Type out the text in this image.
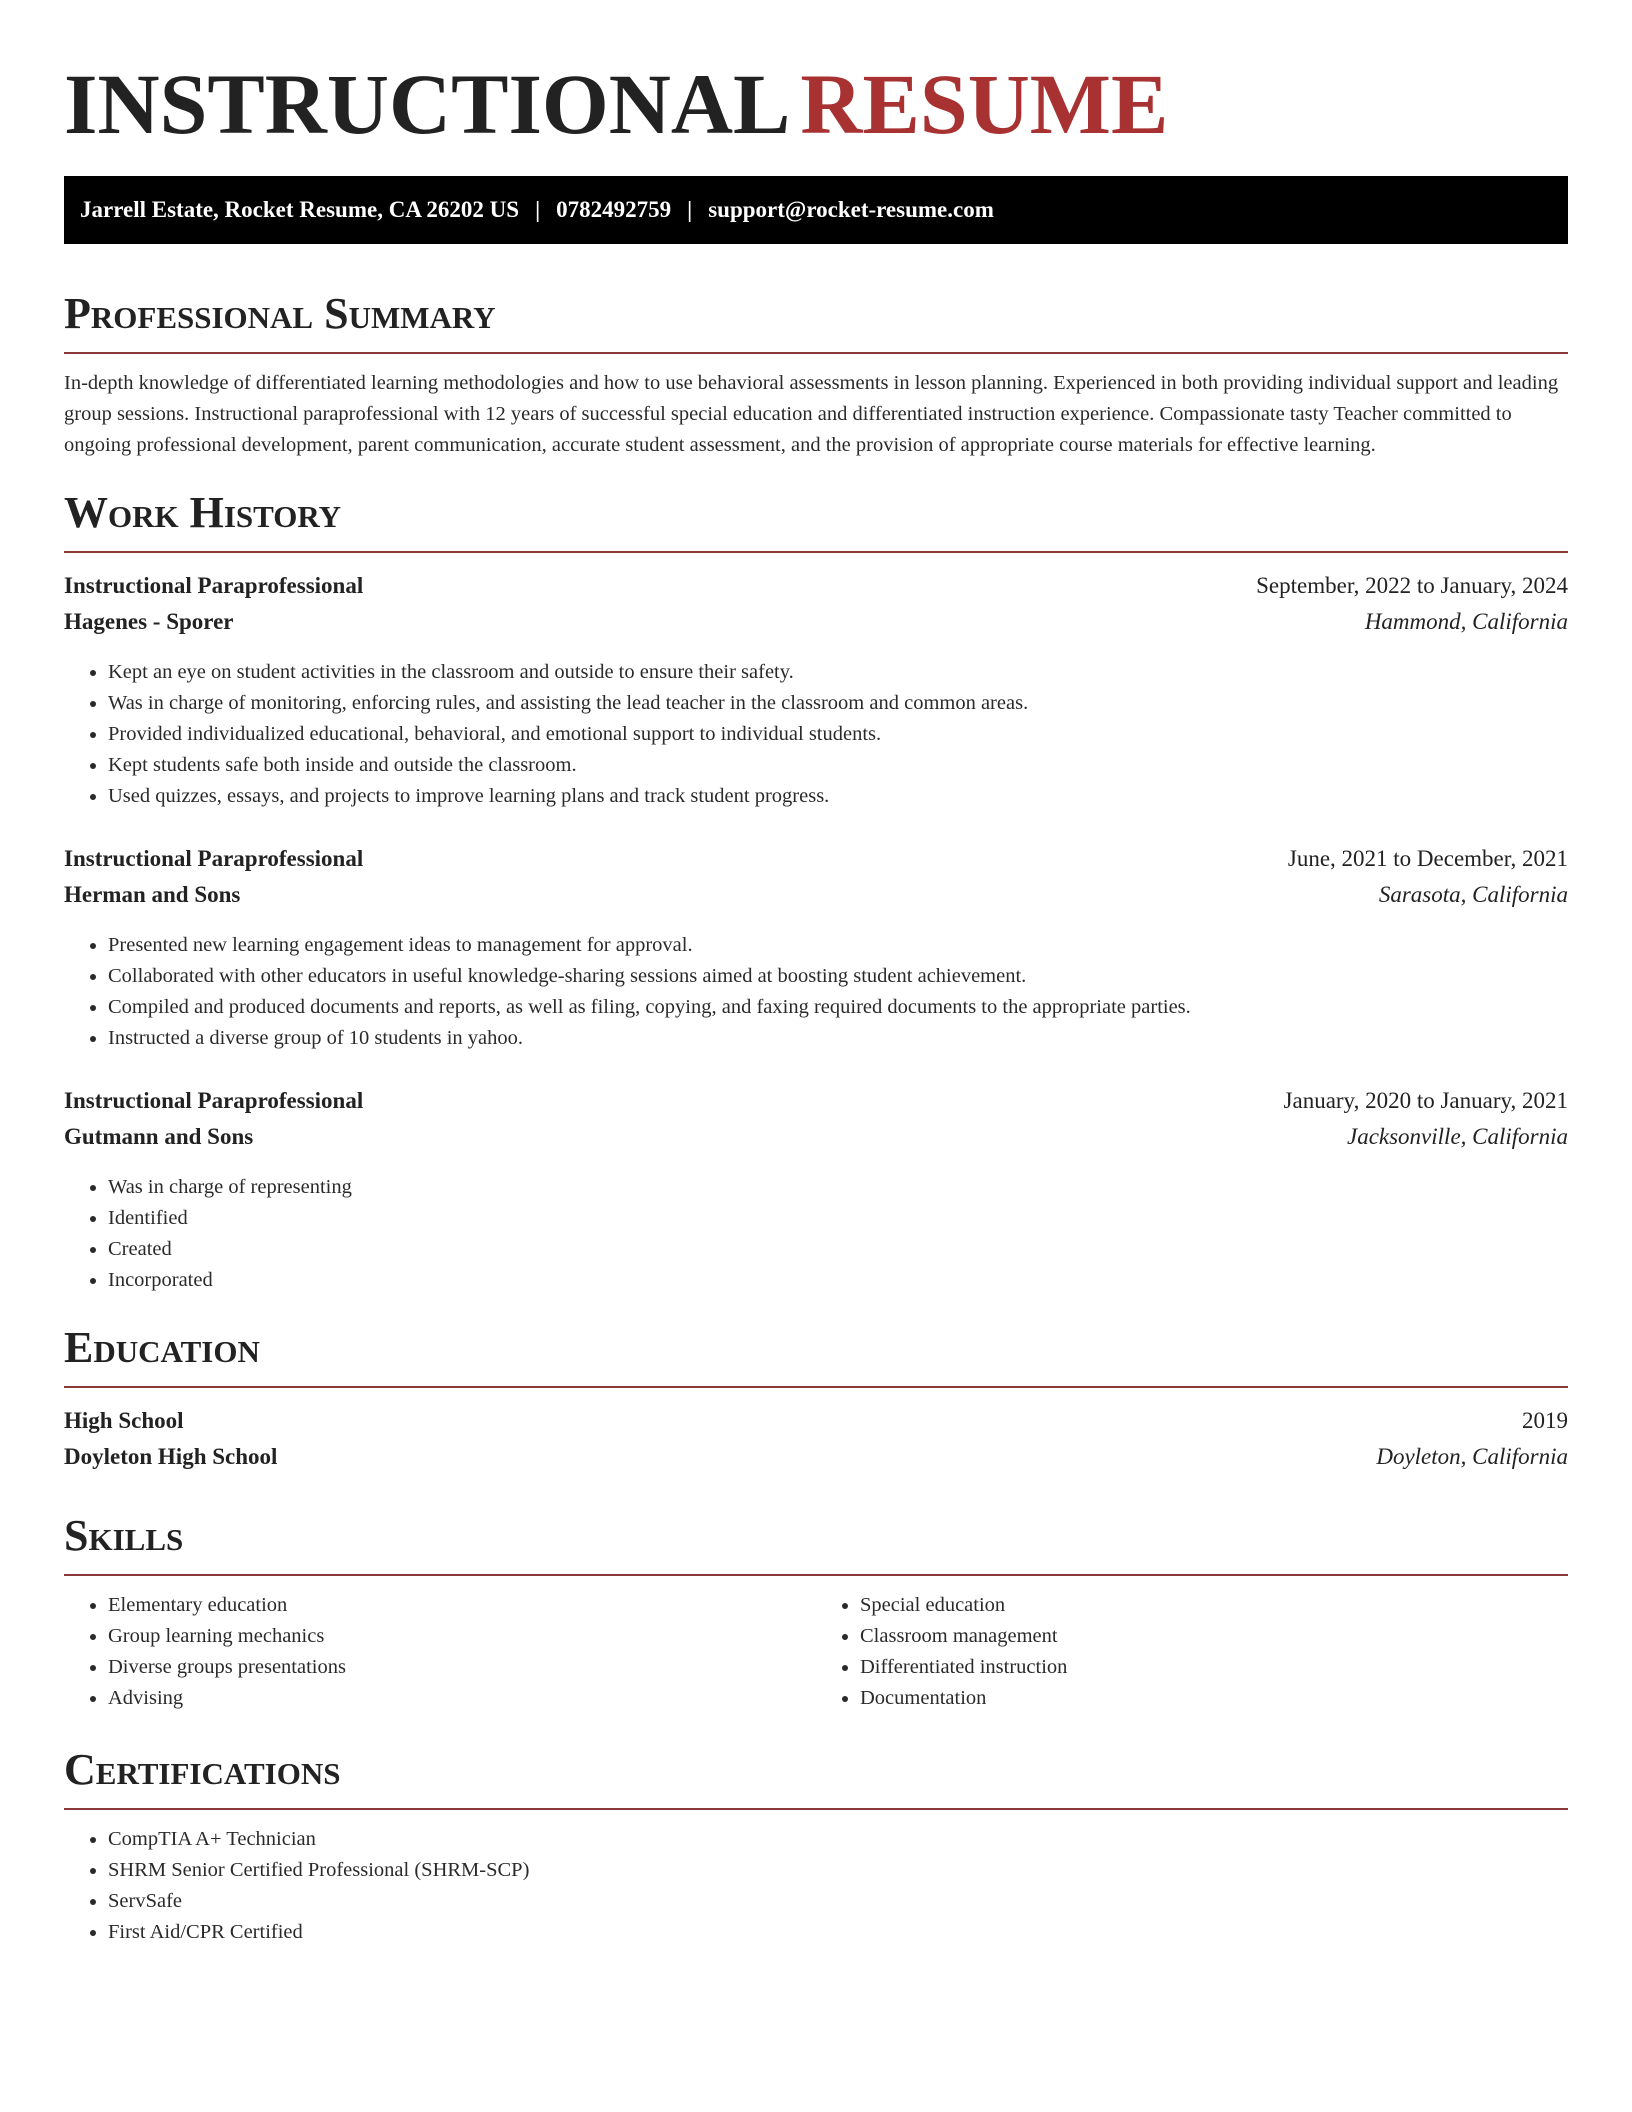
INSTRUCTIONAL RESUME
Jarrell Estate, Rocket Resume, CA 26202 US | 0782492759 | support@rocket-resume.com
Professional Summary

In-depth knowledge of differentiated learning methodologies and how to use behavioral assessments in lesson planning. Experienced in both providing individual support and leading group sessions. Instructional paraprofessional with 12 years of successful special education and differentiated instruction experience. Compassionate tasty Teacher committed to ongoing professional development, parent communication, accurate student assessment, and the provision of appropriate course materials for effective learning.

Work History
Instructional Paraprofessional	September, 2022 to January, 2024
Hagenes - Sporer	Hammond, California
• Kept an eye on student activities in the classroom and outside to ensure their safety.
• Was in charge of monitoring, enforcing rules, and assisting the lead teacher in the classroom and common areas.
• Provided individualized educational, behavioral, and emotional support to individual students.
• Kept students safe both inside and outside the classroom.
• Used quizzes, essays, and projects to improve learning plans and track student progress.
Instructional Paraprofessional	June, 2021 to December, 2021
Herman and Sons	Sarasota, California
• Presented new learning engagement ideas to management for approval.
• Collaborated with other educators in useful knowledge-sharing sessions aimed at boosting student achievement.
• Compiled and produced documents and reports, as well as filing, copying, and faxing required documents to the appropriate parties.
• Instructed a diverse group of 10 students in yahoo.
Instructional Paraprofessional	January, 2020 to January, 2021
Gutmann and Sons	Jacksonville, California
• Was in charge of representing
• Identified
• Created
• Incorporated
Education
High School	2019
Doyleton High School	Doyleton, California
Skills
• Elementary education
• Group learning mechanics
• Diverse groups presentations
• Advising
• Special education
• Classroom management
• Differentiated instruction
• Documentation
Certifications
• CompTIA A+ Technician
• SHRM Senior Certified Professional (SHRM-SCP)
• ServSafe
• First Aid/CPR Certified
